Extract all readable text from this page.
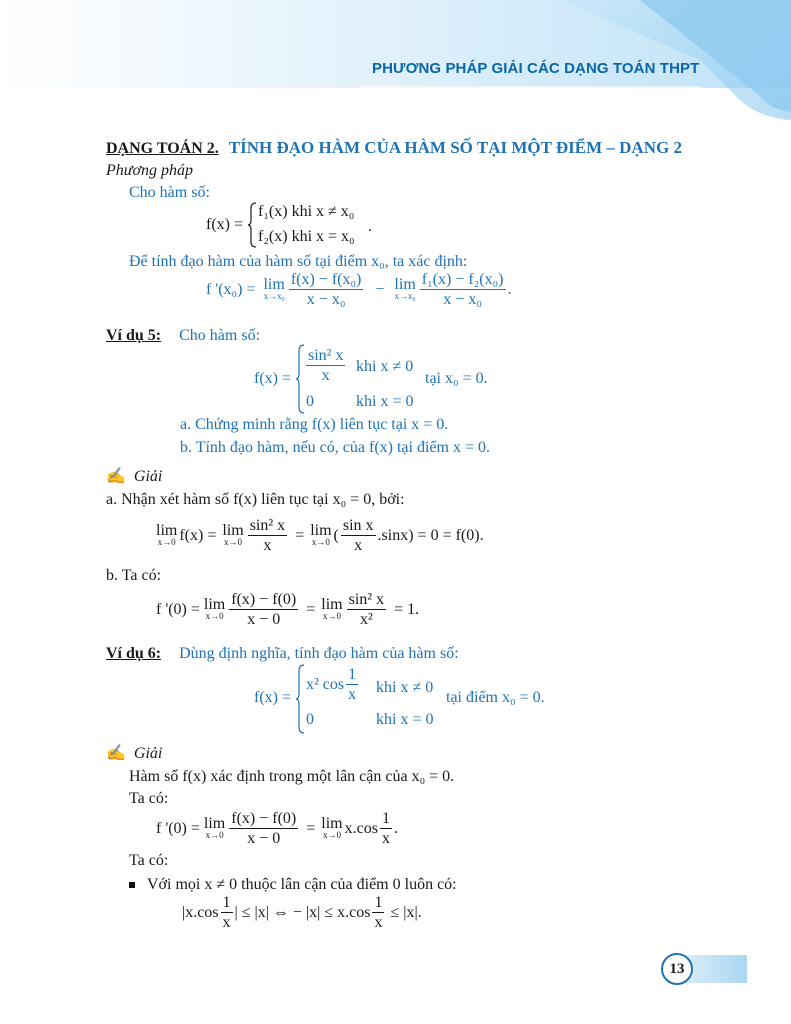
PHƯƠNG PHÁP GIẢI CÁC DẠNG TOÁN THPT
DẠNG TOÁN 2. TÍNH ĐẠO HÀM CỦA HÀM SỐ TẠI MỘT ĐIỂM – DẠNG 2
Phương pháp
Cho hàm số:
f(x) =
f₁(x) khi x ≠ x₀
f₂(x) khi x = x₀
.
Để tính đạo hàm của hàm số tại điểm x₀, ta xác định:
f '(x₀) = lim
$x\to x_0 \frac{\text{f(x) − f(x₀)}}{\text{x − x₀}} - \lim$
$x\to x_0 \frac{\text{f₁(x) − f₂(x₀)}}{\text{x − x₀}}$ .
Ví dụ 5: Cho hàm số:
$f(x) = \frac{\text{sin² x}}{x}$ khi x ≠ 0
0	khi x = 0
tại x₀ = 0.
a. Chứng minh rằng f(x) liên tục tại x = 0.
b. Tính đạo hàm, nếu có, của f(x) tại điểm x = 0.
✍ Giải
a. Nhận xét hàm số f(x) liên tục tại x₀ = 0, bởi:
lim
x→0 f(x) = lim
$x\to 0 \frac{\text{sin² x}}{x} = \lim$
x→0 ( $\frac{\text{sin x}}{x} .\sin x) = 0 = f(0)$.
b. Ta có:
f '(0) = lim
$x\to 0 \frac{f(x) - f(0)}{x - 0} = \lim$
$x\to 0 \frac{\text{sin² x}}{\text{x²}} = 1$.
Ví dụ 6: Dùng định nghĩa, tính đạo hàm của hàm số:
f(x) =
x² $\cos \frac{1}{x}$ khi x ≠ 0
0	khi x = 0
tại điểm x₀ = 0.
✍ Giải
Hàm số f(x) xác định trong một lân cận của x₀ = 0.
Ta có:
f '(0) = lim
$x\to 0 \frac{f(x) - f(0)}{x - 0} = \lim$
x→0 $x.\cos \frac{1}{x}$ .
Ta có:
Với mọi x ≠ 0 thuộc lân cận của điểm 0 luôn có:
$|x.\cos \frac{1}{x}$ | ≤ |x| ⇔ − $|x| \le x.\cos \frac{1}{x} \le |x|$.
13
